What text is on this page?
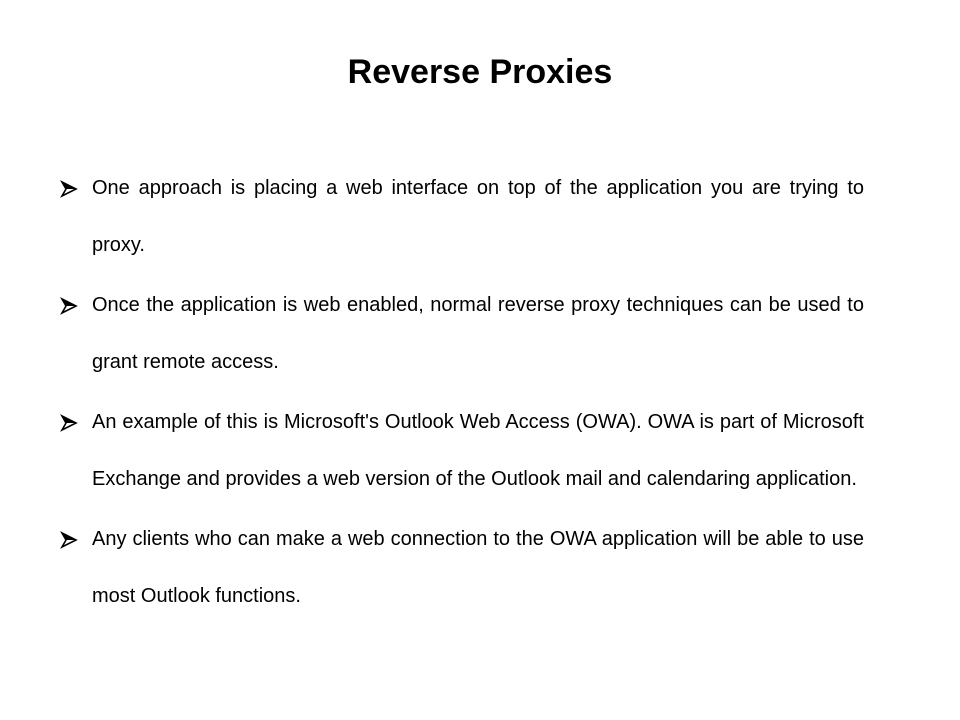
Reverse Proxies
One approach is placing a web interface on top of the application you are trying to proxy.
Once the application is web enabled, normal reverse proxy techniques can be used to grant remote access.
An example of this is Microsoft's Outlook Web Access (OWA). OWA is part of Microsoft Exchange and provides a web version of the Outlook mail and calendaring application.
Any clients who can make a web connection to the OWA application will be able to use most Outlook functions.
